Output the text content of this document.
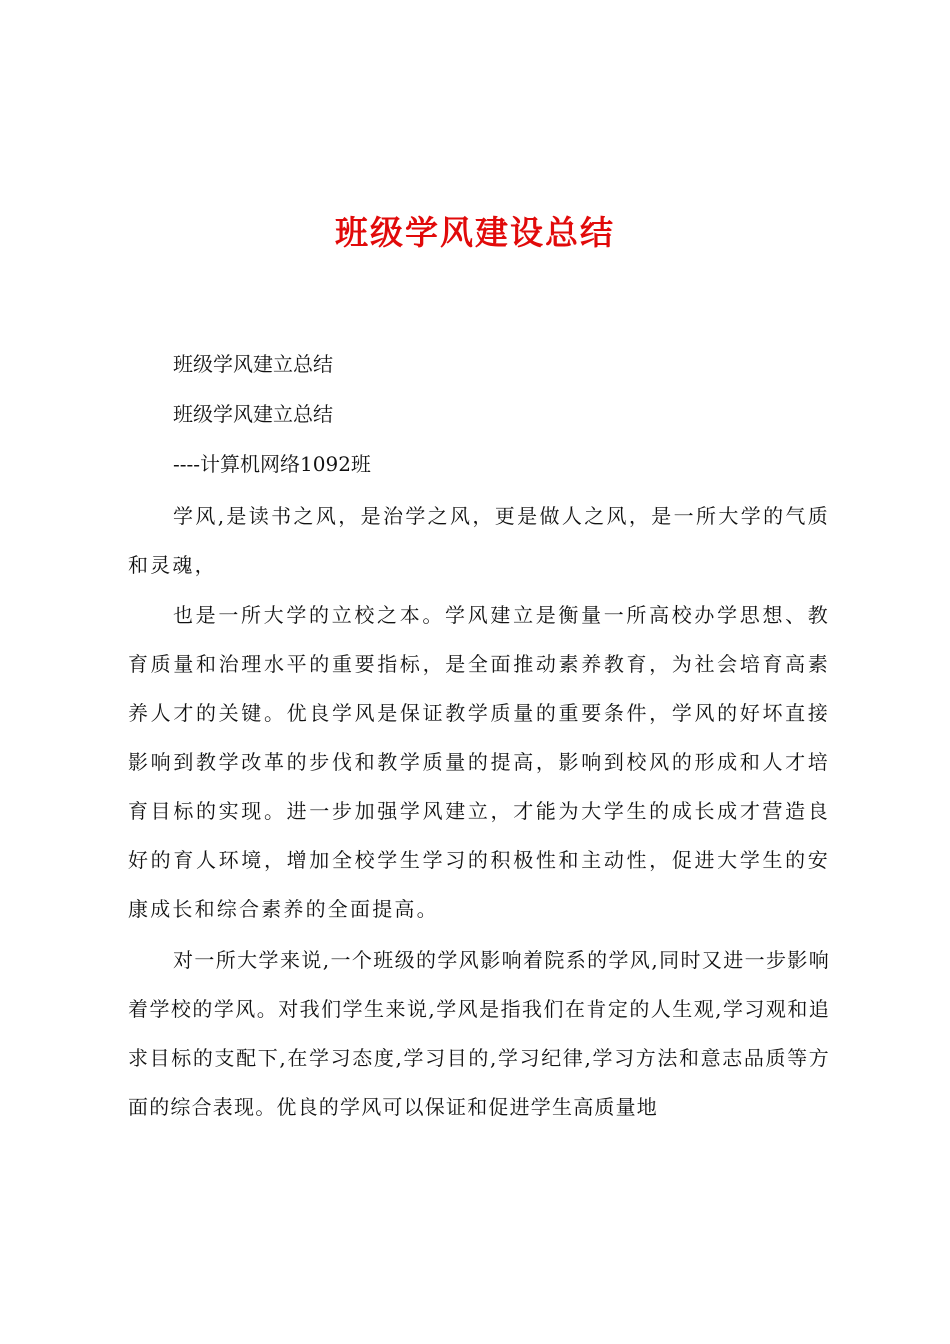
班级学风建设总结

班级学风建立总结

班级学风建立总结

----计算机网络1092班

学风,是读书之风，是治学之风，更是做人之风，是一所大学的气质和灵魂，

也是一所大学的立校之本。学风建立是衡量一所高校办学思想、教育质量和治理水平的重要指标，是全面推动素养教育，为社会培育高素养人才的关键。优良学风是保证教学质量的重要条件，学风的好坏直接影响到教学改革的步伐和教学质量的提高，影响到校风的形成和人才培育目标的实现。进一步加强学风建立，才能为大学生的成长成才营造良好的育人环境，增加全校学生学习的积极性和主动性，促进大学生的安康成长和综合素养的全面提高。

对一所大学来说,一个班级的学风影响着院系的学风,同时又进一步影响着学校的学风。对我们学生来说,学风是指我们在肯定的人生观,学习观和追求目标的支配下,在学习态度,学习目的,学习纪律,学习方法和意志品质等方面的综合表现。优良的学风可以保证和促进学生高质量地
